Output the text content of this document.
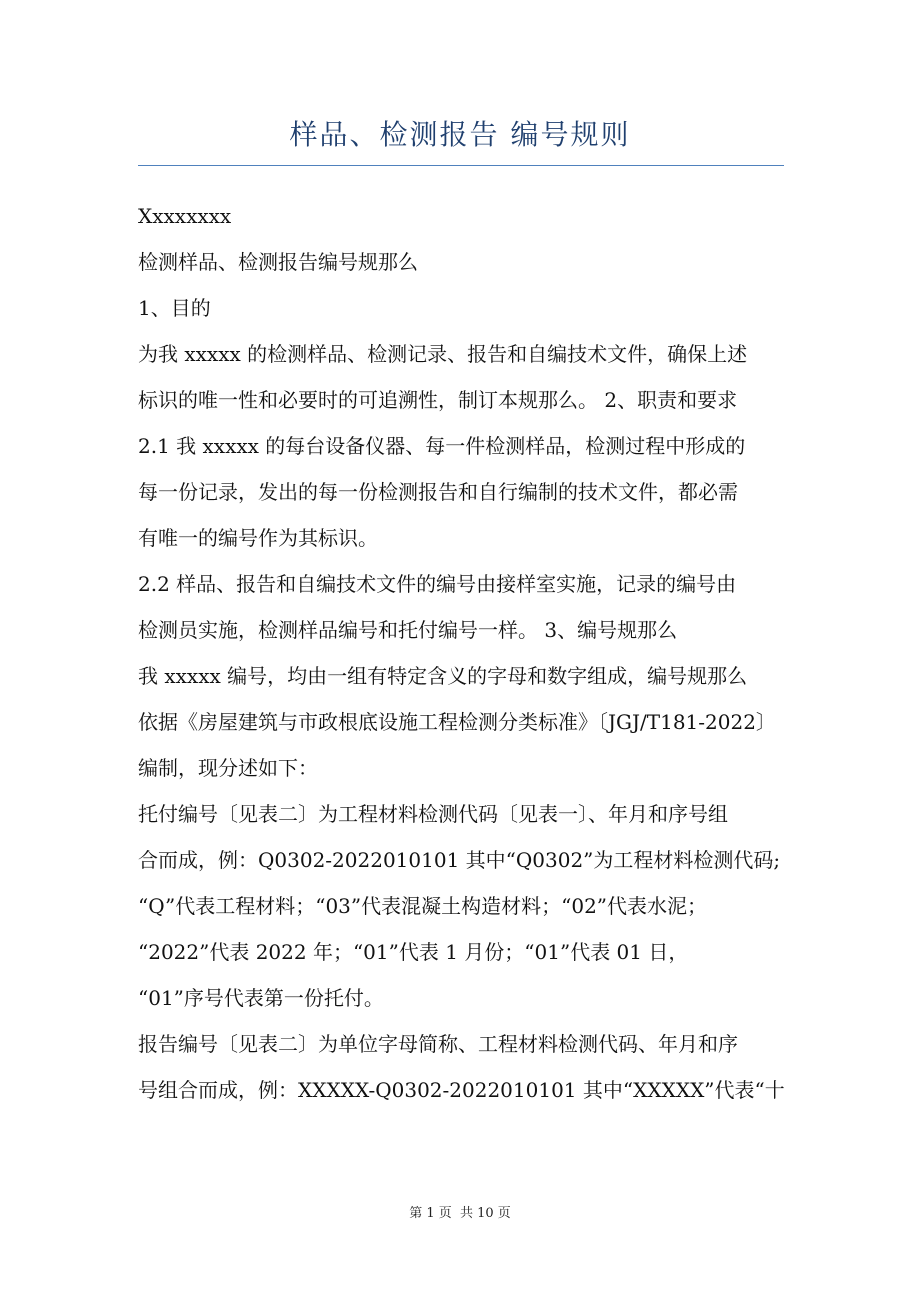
样品、检测报告 编号规则
Xxxxxxxx
检测样品、检测报告编号规那么
1、目的
为我 xxxxx 的检测样品、检测记录、报告和自编技术文件，确保上述
标识的唯一性和必要时的可追溯性，制订本规那么。 2、职责和要求
2.1 我 xxxxx 的每台设备仪器、每一件检测样品，检测过程中形成的
每一份记录，发出的每一份检测报告和自行编制的技术文件，都必需
有唯一的编号作为其标识。
2.2 样品、报告和自编技术文件的编号由接样室实施，记录的编号由
检测员实施，检测样品编号和托付编号一样。 3、编号规那么
我 xxxxx 编号，均由一组有特定含义的字母和数字组成，编号规那么
依据《房屋建筑与市政根底设施工程检测分类标准》〔JGJ/T181-2022〕
编制，现分述如下：
托付编号〔见表二〕为工程材料检测代码〔见表一〕、年月和序号组
合而成，例：Q0302-2022010101 其中“Q0302”为工程材料检测代码;
“Q”代表工程材料；“03”代表混凝土构造材料；“02”代表水泥；
“2022”代表 2022 年；“01”代表 1 月份；“01”代表 01 日，
“01”序号代表第一份托付。
报告编号〔见表二〕为单位字母简称、工程材料检测代码、年月和序
号组合而成，例：XXXXX-Q0302-2022010101 其中“XXXXX”代表“十
第 1 页 共 10 页
